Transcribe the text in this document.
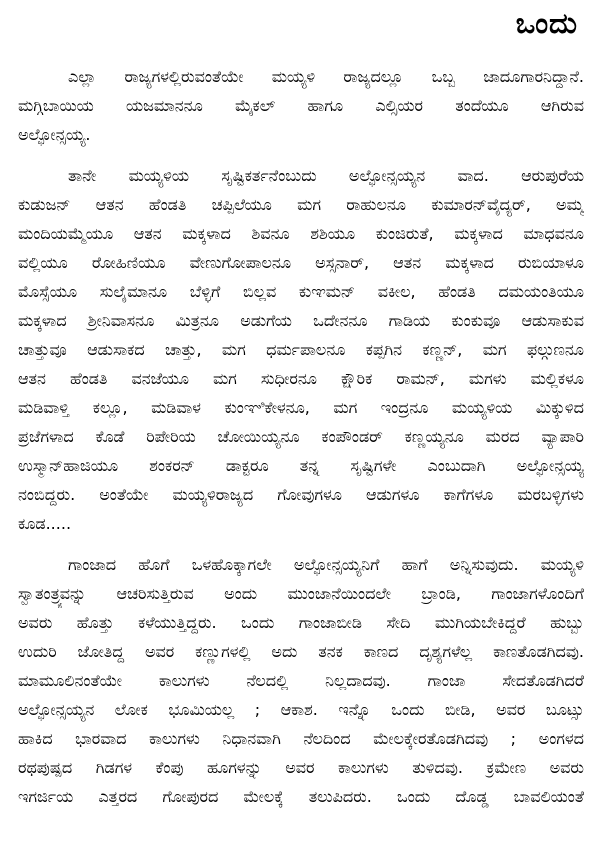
ಒಂದು
ಎಲ್ಲಾ ರಾಜ್ಯಗಳಲ್ಲಿರುವಂತೆಯೇ ಮಯ್ಯಳಿ ರಾಜ್ಯದಲ್ಲೂ ಒಬ್ಬ ಜಾದೂಗಾರನಿದ್ದಾನೆ.
ಮಗ್ಗಿಬಾಯಿಯ ಯಜಮಾನನೂ ಮೈಕಲ್ ಹಾಗೂ ಎಲ್ಸಿಯರ ತಂದೆಯೂ ಆಗಿರುವ
ಅಲ್ಫೋನ್ಸಯ್ಯ.
ತಾನೇ ಮಯ್ಯಳಿಯ ಸೃಷ್ಟಿಕರ್ತನೆಂಬುದು ಅಲ್ಫೋನ್ಸಯ್ಯನ ವಾದ. ಆರುಪುರೆಯ
ಕುಡುಜನ್ ಆತನ ಹೆಂಡತಿ ಚಪ್ಪಿಲೆಯೂ ಮಗ ರಾಹುಲನೂ ಕುಮಾರನ್‌ವೈದ್ಯರ್, ಅಮ್ಮ
ಮಂದಿಯಮ್ಮೆಯೂ ಆತನ ಮಕ್ಕಳಾದ ಶಿವನೂ ಶಶಿಯೂ ಕುಂಜಿರುತೆ, ಮಕ್ಕಳಾದ ಮಾಧವನೂ
ವಲ್ಲಿಯೂ ರೋಹಿಣಿಯೂ ವೇಣುಗೋಪಾಲನೂ ಅಸ್ಸನಾರ್, ಆತನ ಮಕ್ಕಳಾದ ರುಬಿಯಾಳೂ
ಮೊಸ್ಸೆಯೂ ಸುಲೈಮಾನೂ ಬೆಳ್ಳಿಗೆ ಬಿಲ್ಲವ ಕುಞಮನ್ ವಕೀಲ, ಹೆಂಡತಿ ದಮಯಂತಿಯೂ
ಮಕ್ಕಳಾದ ಶ್ರೀನಿವಾಸನೂ ಮಿತ್ರನೂ ಅಡುಗೆಯ ಒದೇನನೂ ಗಾಡಿಯ ಕುಂಕುವೂ ಆಡುಸಾಕುವ
ಚಾತ್ತುವೂ ಆಡುಸಾಕದ ಚಾತ್ತು, ಮಗ ಧರ್ಮಪಾಲನೂ ಕಪ್ಪಗಿನ ಕಣ್ಣನ್, ಮಗ ಫಲ್ಗುಣನೂ
ಆತನ ಹೆಂಡತಿ ವನಜೆಯೂ ಮಗ ಸುಧೀರನೂ ಕ್ಷೌರಿಕ ರಾಮನ್, ಮಗಳು ಮಲ್ಲಿಕಳೂ
ಮಡಿವಾಳ್ತಿ ಕಲ್ಲೂ, ಮಡಿವಾಳ ಕುಂಞಿಕೇಳನೂ, ಮಗ ಇಂದ್ರನೂ ಮಯ್ಯಳಿಯ ಮಿಕ್ಕುಳಿದ
ಪ್ರಜೆಗಳಾದ ಕೊಡೆ ರಿಪೇರಿಯ ಚೋಯಿಯ್ಯನೂ ಕಂಪೌಂಡರ್ ಕಣ್ಣಯ್ಯನೂ ಮರದ ವ್ಯಾಪಾರಿ
ಉಸ್ಮಾನ್‌ಹಾಜಿಯೂ ಶಂಕರನ್ ಡಾಕ್ಟರೂ ತನ್ನ ಸೃಷ್ಟಿಗಳೇ ಎಂಬುದಾಗಿ ಅಲ್ಫೋನ್ಸಯ್ಯ
ನಂಬಿದ್ದರು. ಅಂತೆಯೇ ಮಯ್ಯಳಿರಾಜ್ಯದ ಗೋವುಗಳೂ ಆಡುಗಳೂ ಕಾಗೆಗಳೂ ಮರಬಳ್ಳಿಗಳು
ಕೂಡ.....
ಗಾಂಜಾದ ಹೊಗೆ ಒಳಹೊಕ್ಕಾಗಲೇ ಅಲ್ಫೋನ್ಸಯ್ಯನಿಗೆ ಹಾಗೆ ಅನ್ನಿಸುವುದು. ಮಯ್ಯಳಿ
ಸ್ವಾತಂತ್ರ್ಯವನ್ನು ಆಚರಿಸುತ್ತಿರುವ ಅಂದು ಮುಂಜಾನೆಯಿಂದಲೇ ಬ್ರಾಂಡಿ, ಗಾಂಜಾಗಳೊಂದಿಗೆ
ಅವರು ಹೊತ್ತು ಕಳೆಯುತ್ತಿದ್ದರು. ಒಂದು ಗಾಂಜಾಬೀಡಿ ಸೇದಿ ಮುಗಿಯಬೇಕಿದ್ದರೆ ಹುಬ್ಬು
ಉದುರಿ ಜೋತಿದ್ದ ಅವರ ಕಣ್ಣುಗಳಲ್ಲಿ ಅದು ತನಕ ಕಾಣದ ದೃಶ್ಯಗಳೆಲ್ಲ ಕಾಣತೊಡಗಿದವು.
ಮಾಮೂಲಿನಂತೆಯೇ ಕಾಲುಗಳು ನೆಲದಲ್ಲಿ ನಿಲ್ಲದಾದವು. ಗಾಂಜಾ ಸೇದತೊಡಗಿದರೆ
ಅಲ್ಫೋನ್ಸಯ್ಯನ ಲೋಕ ಭೂಮಿಯಲ್ಲ ; ಆಕಾಶ. ಇನ್ನೊ ಒಂದು ಬೀಡಿ, ಅವರ ಬೂಟ್ಸು
ಹಾಕಿದ ಭಾರವಾದ ಕಾಲುಗಳು ನಿಧಾನವಾಗಿ ನೆಲದಿಂದ ಮೇಲಕ್ಕೇರತೊಡಗಿದವು ; ಅಂಗಳದ
ರಥಪುಷ್ಪದ ಗಿಡಗಳ ಕೆಂಪು ಹೂಗಳನ್ನು ಅವರ ಕಾಲುಗಳು ತುಳಿದವು. ಕ್ರಮೇಣ ಅವರು
ಇಗರ್ಜಿಯ ಎತ್ತರದ ಗೋಪುರದ ಮೇಲಕ್ಕೆ ತಲುಪಿದರು. ಒಂದು ದೊಡ್ಡ ಬಾವಲಿಯಂತೆ
